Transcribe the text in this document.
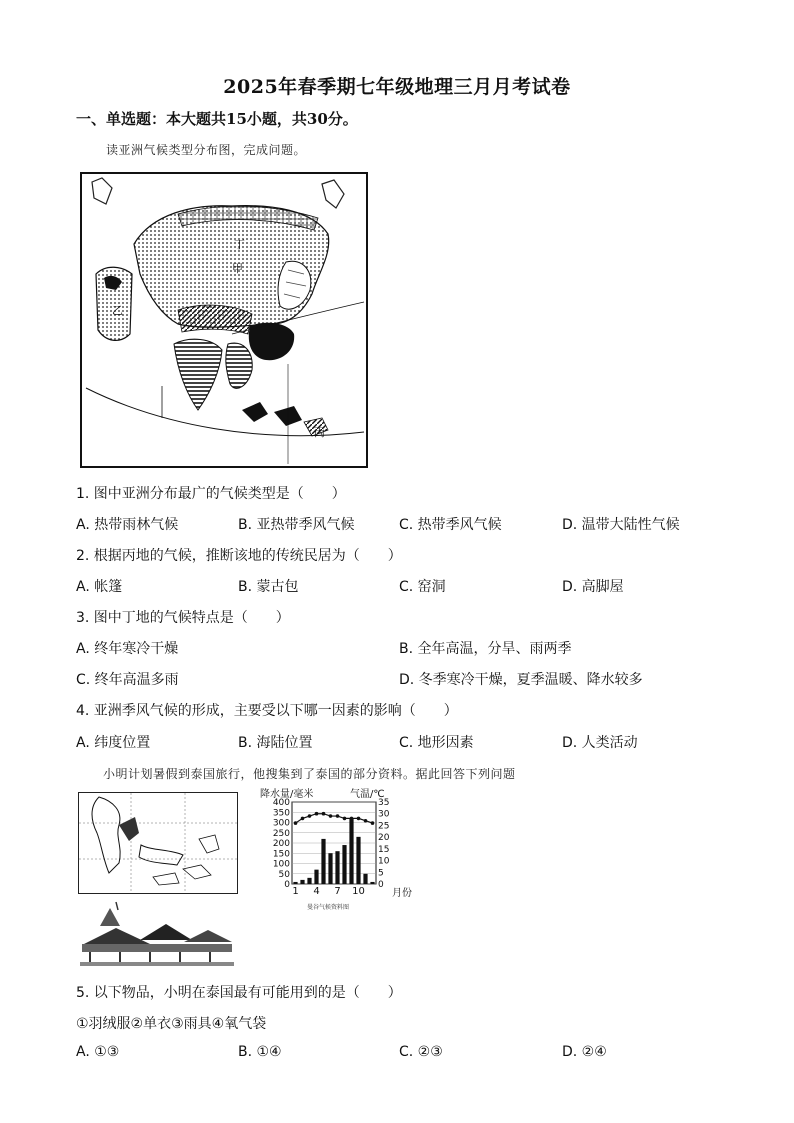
2025年春季期七年级地理三月月考试卷
一、单选题：本大题共15小题，共30分。
读亚洲气候类型分布图，完成问题。
丁
甲
乙
丙
1. 图中亚洲分布最广的气候类型是（　　）
A. 热带雨林气候	B. 亚热带季风气候	C. 热带季风气候	D. 温带大陆性气候
2. 根据丙地的气候，推断该地的传统民居为（　　）
A. 帐篷	B. 蒙古包	C. 窑洞	D. 高脚屋
3. 图中丁地的气候特点是（　　）
A. 终年寒冷干燥	B. 全年高温，分旱、雨两季
C. 终年高温多雨	D. 冬季寒冷干燥，夏季温暖、降水较多
4. 亚洲季风气候的形成，主要受以下哪一因素的影响（　　）
A. 纬度位置	B. 海陆位置	C. 地形因素	D. 人类活动
小明计划暑假到泰国旅行，他搜集到了泰国的部分资料。据此回答下列问题
降水量/毫米	气温/℃
月份
曼谷气候资料图
0
50
100
150
200
250
300
350
400
0
5
10
15
20
25
30
35
1 4 7 10
5. 以下物品，小明在泰国最有可能用到的是（　　）
①羽绒服②单衣③雨具④氧气袋
A. ①③	B. ①④	C. ②③	D. ②④
